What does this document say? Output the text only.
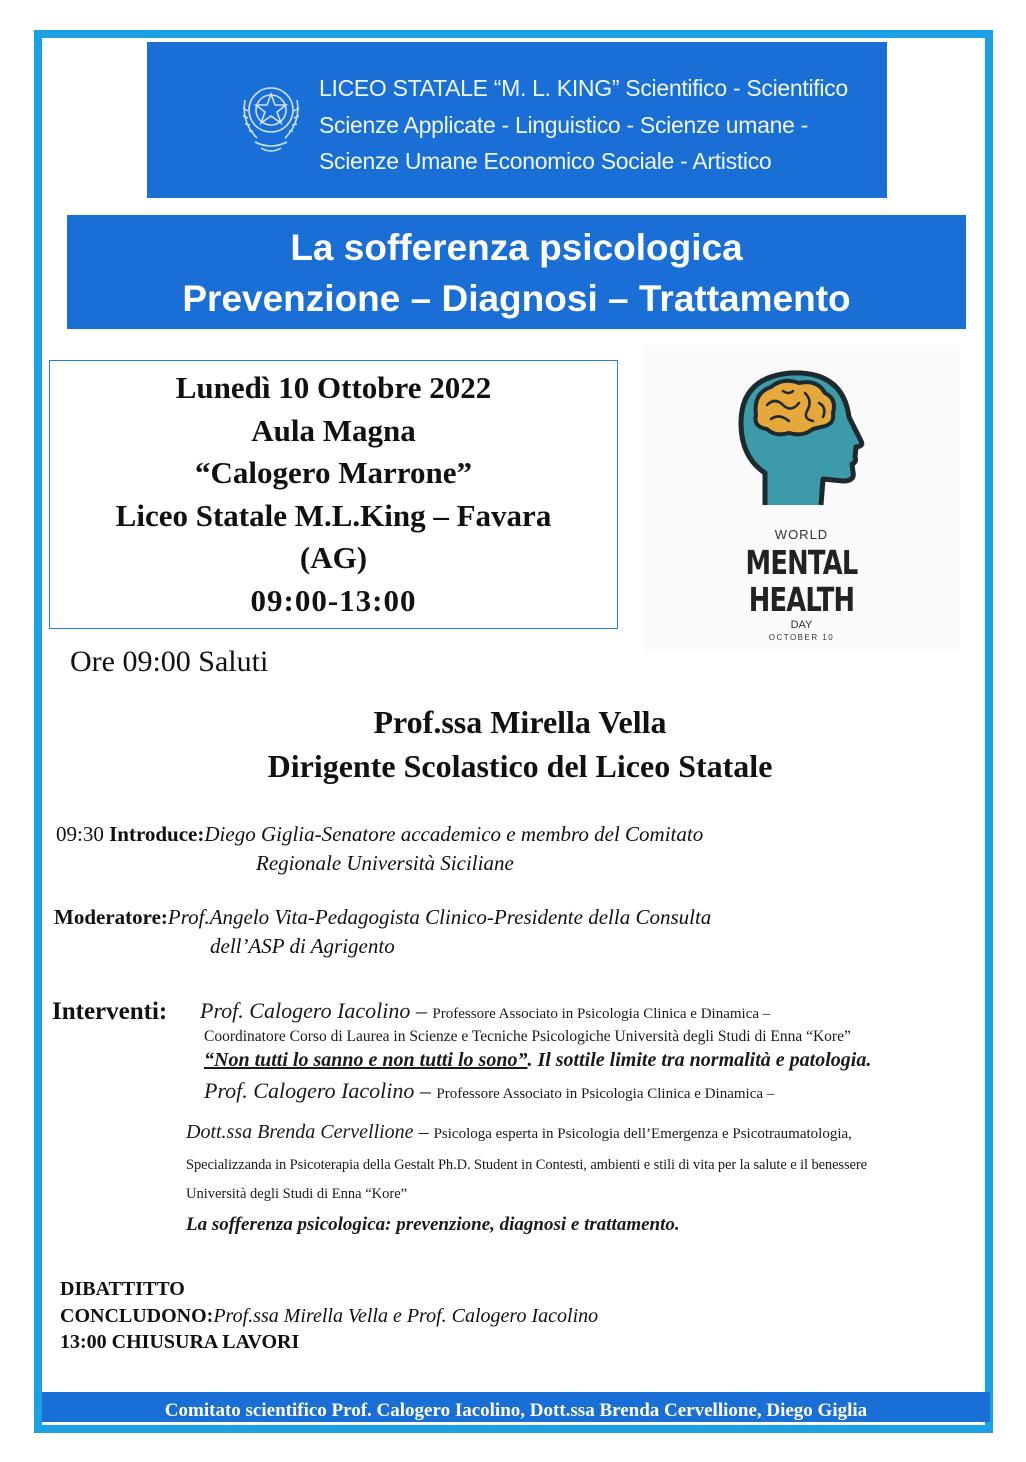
LICEO STATALE “M. L. KING” Scientifico - Scientifico
Scienze Applicate - Linguistico - Scienze umane -
Scienze Umane Economico Sociale - Artistico
La sofferenza psicologica
Prevenzione – Diagnosi – Trattamento
Lunedì 10 Ottobre 2022
Aula Magna
“Calogero Marrone”
Liceo Statale M.L.King – Favara
(AG)
09:00-13:00
WORLD
MENTAL
HEALTH
DAY
OCTOBER 10
Ore 09:00 Saluti
Prof.ssa Mirella Vella
Dirigente Scolastico del Liceo Statale
09:30 Introduce:Diego Giglia-Senatore accademico e membro del Comitato
Regionale Università Siciliane
Moderatore:Prof.Angelo Vita-Pedagogista Clinico-Presidente della Consulta
dell’ASP di Agrigento
Interventi: Prof. Calogero Iacolino – Professore Associato in Psicologia Clinica e Dinamica –
Coordinatore Corso di Laurea in Scienze e Tecniche Psicologiche Università degli Studi di Enna “Kore”
“Non tutti lo sanno e non tutti lo sono”. Il sottile limite tra normalità e patologia.
Prof. Calogero Iacolino – Professore Associato in Psicologia Clinica e Dinamica –
Dott.ssa Brenda Cervellione – Psicologa esperta in Psicologia dell’Emergenza e Psicotraumatologia,
Specializzanda in Psicoterapia della Gestalt Ph.D. Student in Contesti, ambienti e stili di vita per la salute e il benessere
Università degli Studi di Enna “Kore”
La sofferenza psicologica: prevenzione, diagnosi e trattamento.
DIBATTITTO
CONCLUDONO:Prof.ssa Mirella Vella e Prof. Calogero Iacolino
13:00 CHIUSURA LAVORI
Comitato scientifico Prof. Calogero Iacolino, Dott.ssa Brenda Cervellione, Diego Giglia
